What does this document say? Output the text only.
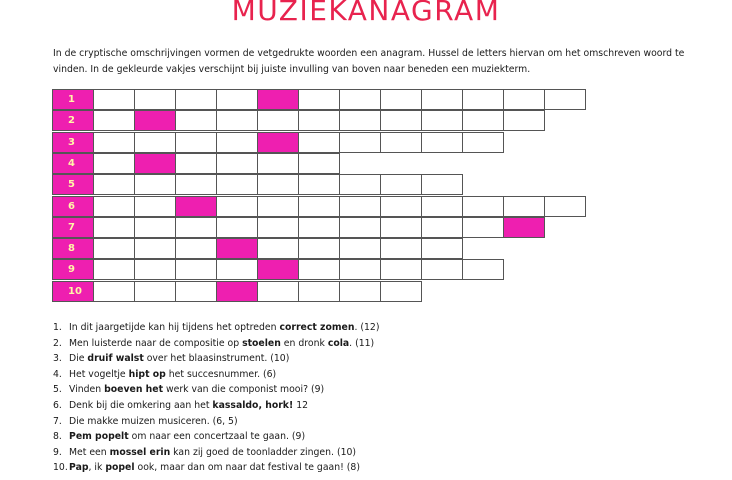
MUZIEKANAGRAM
In de cryptische omschrijvingen vormen de vetgedrukte woorden een anagram. Hussel de letters hiervan om het omschreven woord te vinden. In de gekleurde vakjes verschijnt bij juiste invulling van boven naar beneden een muziekterm.
1
2
3
4
5
6
7
8
9
10
1. In dit jaargetijde kan hij tijdens het optreden correct zomen. (12)
2. Men luisterde naar de compositie op stoelen en dronk cola. (11)
3. Die druif walst over het blaasinstrument. (10)
4. Het vogeltje hipt op het succesnummer. (6)
5. Vinden boeven het werk van die componist mooi? (9)
6. Denk bij die omkering aan het kassaldo, hork! 12
7. Die makke muizen musiceren. (6, 5)
8. Pem popelt om naar een concertzaal te gaan. (9)
9. Met een mossel erin kan zij goed de toonladder zingen. (10)
10. Pap, ik popel ook, maar dan om naar dat festival te gaan! (8)
